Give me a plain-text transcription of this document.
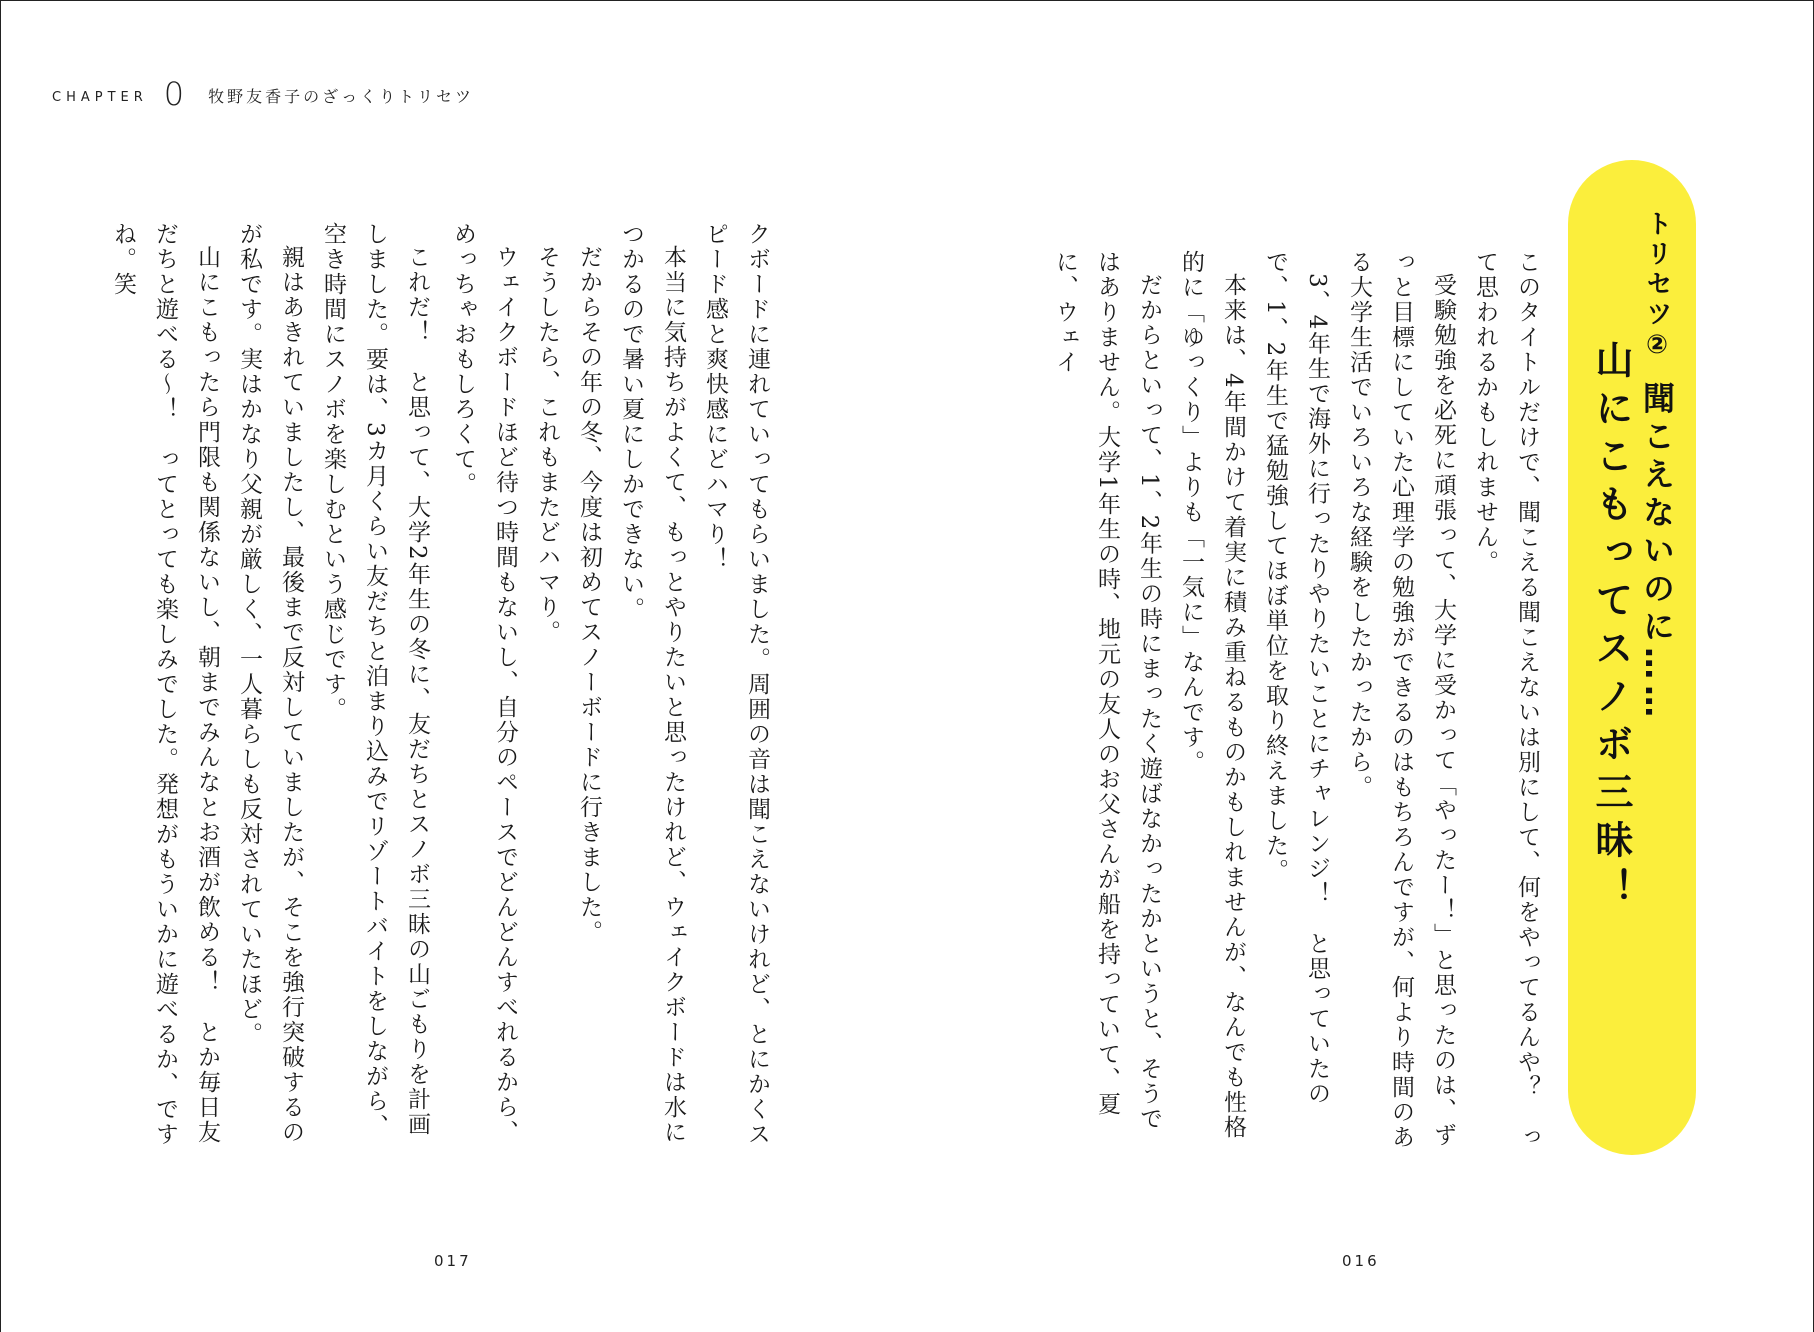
CHAPTER 0 牧野友香子のざっくりトリセツ
トリセツ② 聞こえないのに……
山にこもってスノボ三昧！

このタイトルだけで、聞こえる聞こえないは別にして、何をやってるんや？　って思われるかもしれません。

受験勉強を必死に頑張って、大学に受かって「やったー！」と思ったのは、ずっと目標にしていた心理学の勉強ができるのはもちろんですが、何より時間のある大学生活でいろいろな経験をしたかったから。

3、4年生で海外に行ったりやりたいことにチャレンジ！　と思っていたので、1、2年生で猛勉強してほぼ単位を取り終えました。

本来は、4年間かけて着実に積み重ねるものかもしれませんが、なんでも性格的に「ゆっくり」よりも「一気に」なんです。

だからといって、1、2年生の時にまったく遊ばなかったかというと、そうではありません。大学1年生の時、地元の友人のお父さんが船を持っていて、夏に、ウェイ

クボードに連れていってもらいました。周囲の音は聞こえないけれど、とにかくスピード感と爽快感にどハマり！

本当に気持ちがよくて、もっとやりたいと思ったけれど、ウェイクボードは水につかるので暑い夏にしかできない。

だからその年の冬、今度は初めてスノーボードに行きました。

そうしたら、これもまたどハマり。

ウェイクボードほど待つ時間もないし、自分のペースでどんどんすべれるから、めっちゃおもしろくて。

これだ！　と思って、大学2年生の冬に、友だちとスノボ三昧の山ごもりを計画しました。要は、3カ月くらい友だちと泊まり込みでリゾートバイトをしながら、空き時間にスノボを楽しむという感じです。

親はあきれていましたし、最後まで反対していましたが、そこを強行突破するのが私です。実はかなり父親が厳しく、一人暮らしも反対されていたほど。

山にこもったら門限も関係ないし、朝までみんなとお酒が飲める！　とか毎日友だちと遊べる〜！　ってとっても楽しみでした。発想がもういかに遊べるか、ですね。笑

017	016
